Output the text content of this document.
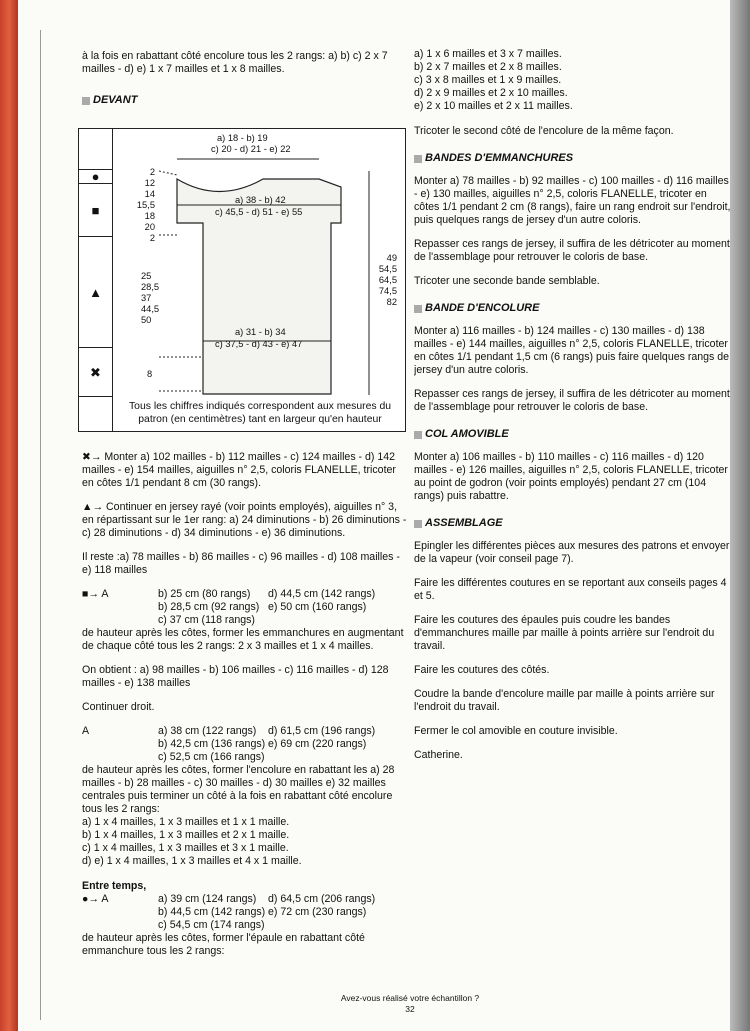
à la fois en rabattant côté encolure tous les 2 rangs: a) b) c) 2 x 7 mailles - d) e) 1 x 7 mailles et 1 x 8 mailles.

DEVANT
●
■
▲
✖
a) 18 - b) 19
c) 20 - d) 21 - e) 22
a) 38 - b) 42
c) 45,5 - d) 51 - e) 55
a) 31 - b) 34
c) 37,5 - d) 43 - e) 47
2
12
14
15,5
18
20
2
25
28,5
37
44,5
50
8
49
54,5
64,5
74,5
82
Tous les chiffres indiqués correspondent aux mesures du patron (en centimètres) tant en largeur qu'en hauteur

✖→ Monter a) 102 mailles - b) 112 mailles - c) 124 mailles - d) 142 mailles - e) 154 mailles, aiguilles n° 2,5, coloris FLANELLE, tricoter en côtes 1/1 pendant 8 cm (30 rangs).

▲→ Continuer en jersey rayé (voir points employés), aiguilles n° 3, en répartissant sur le 1er rang: a) 24 diminutions - b) 26 diminutions - c) 28 diminutions - d) 34 diminutions - e) 36 diminutions.

Il reste :a) 78 mailles - b) 86 mailles - c) 96 mailles - d) 108 mailles - e) 118 mailles

■→ A	b) 25 cm (80 rangs)	d) 44,5 cm (142 rangs)
b) 28,5 cm (92 rangs) e) 50 cm (160 rangs)
c) 37 cm (118 rangs)

de hauteur après les côtes, former les emmanchures en augmentant de chaque côté tous les 2 rangs: 2 x 3 mailles et 1 x 4 mailles.

On obtient : a) 98 mailles - b) 106 mailles - c) 116 mailles - d) 128 mailles - e) 138 mailles

Continuer droit.

A	a) 38 cm (122 rangs)	d) 61,5 cm (196 rangs)
b) 42,5 cm (136 rangs) e) 69 cm (220 rangs)
c) 52,5 cm (166 rangs)

de hauteur après les côtes, former l'encolure en rabattant les a) 28 mailles - b) 28 mailles - c) 30 mailles - d) 30 mailles e) 32 mailles centrales puis terminer un côté à la fois en rabattant côté encolure tous les 2 rangs:

a) 1 x 4 mailles, 1 x 3 mailles et 1 x 1 maille.
b) 1 x 4 mailles, 1 x 3 mailles et 2 x 1 maille.
c) 1 x 4 mailles, 1 x 3 mailles et 3 x 1 maille.
d) e) 1 x 4 mailles, 1 x 3 mailles et 4 x 1 maille.
Entre temps,
●→ A	a) 39 cm (124 rangs)	d) 64,5 cm (206 rangs)
b) 44,5 cm (142 rangs) e) 72 cm (230 rangs)
c) 54,5 cm (174 rangs)

de hauteur après les côtes, former l'épaule en rabattant côté emmanchure tous les 2 rangs:

a) 1 x 6 mailles et 3 x 7 mailles.
b) 2 x 7 mailles et 2 x 8 mailles.
c) 3 x 8 mailles et 1 x 9 mailles.
d) 2 x 9 mailles et 2 x 10 mailles.
e) 2 x 10 mailles et 2 x 11 mailles.

Tricoter le second côté de l'encolure de la même façon.

BANDES D'EMMANCHURES

Monter a) 78 mailles - b) 92 mailles - c) 100 mailles - d) 116 mailles - e) 130 mailles, aiguilles n° 2,5, coloris FLANELLE, tricoter en côtes 1/1 pendant 2 cm (8 rangs), faire un rang endroit sur l'endroit, puis quelques rangs de jersey d'un autre coloris.

Repasser ces rangs de jersey, il suffira de les détricoter au moment de l'assemblage pour retrouver le coloris de base.

Tricoter une seconde bande semblable.

BANDE D'ENCOLURE

Monter a) 116 mailles - b) 124 mailles - c) 130 mailles - d) 138 mailles - e) 144 mailles, aiguilles n° 2,5, coloris FLANELLE, tricoter en côtes 1/1 pendant 1,5 cm (6 rangs) puis faire quelques rangs de jersey d'un autre coloris.

Repasser ces rangs de jersey, il suffira de les détricoter au moment de l'assemblage pour retrouver le coloris de base.

COL AMOVIBLE

Monter a) 106 mailles - b) 110 mailles - c) 116 mailles - d) 120 mailles - e) 126 mailles, aiguilles n° 2,5, coloris FLANELLE, tricoter au point de godron (voir points employés) pendant 27 cm (104 rangs) puis rabattre.

ASSEMBLAGE

Epingler les différentes pièces aux mesures des patrons et envoyer de la vapeur (voir conseil page 7).

Faire les différentes coutures en se reportant aux conseils pages 4 et 5.

Faire les coutures des épaules puis coudre les bandes d'emmanchures maille par maille à points arrière sur l'endroit du travail.

Faire les coutures des côtés.

Coudre la bande d'encolure maille par maille à points arrière sur l'endroit du travail.

Fermer le col amovible en couture invisible.

Catherine.

Avez-vous réalisé votre échantillon ?
32
